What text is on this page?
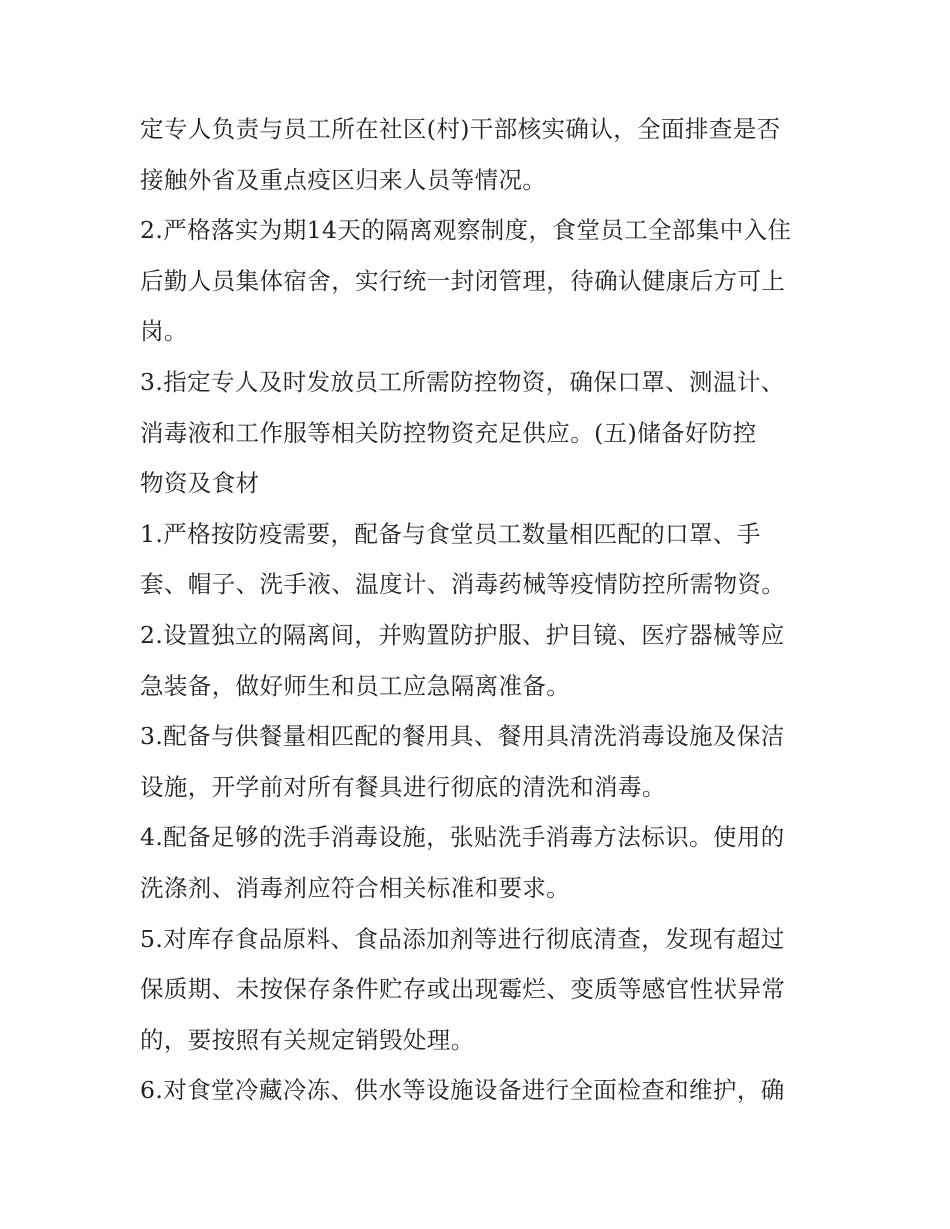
定专人负责与员工所在社区(村)干部核实确认，全面排查是否
接触外省及重点疫区归来人员等情况。
2.严格落实为期14天的隔离观察制度，食堂员工全部集中入住
后勤人员集体宿舍，实行统一封闭管理，待确认健康后方可上
岗。
3.指定专人及时发放员工所需防控物资，确保口罩、测温计、
消毒液和工作服等相关防控物资充足供应。(五)储备好防控
物资及食材
1.严格按防疫需要，配备与食堂员工数量相匹配的口罩、手
套、帽子、洗手液、温度计、消毒药械等疫情防控所需物资。
2.设置独立的隔离间，并购置防护服、护目镜、医疗器械等应
急装备，做好师生和员工应急隔离准备。
3.配备与供餐量相匹配的餐用具、餐用具清洗消毒设施及保洁
设施，开学前对所有餐具进行彻底的清洗和消毒。
4.配备足够的洗手消毒设施，张贴洗手消毒方法标识。使用的
洗涤剂、消毒剂应符合相关标准和要求。
5.对库存食品原料、食品添加剂等进行彻底清查，发现有超过
保质期、未按保存条件贮存或出现霉烂、变质等感官性状异常
的，要按照有关规定销毁处理。
6.对食堂冷藏冷冻、供水等设施设备进行全面检查和维护，确
